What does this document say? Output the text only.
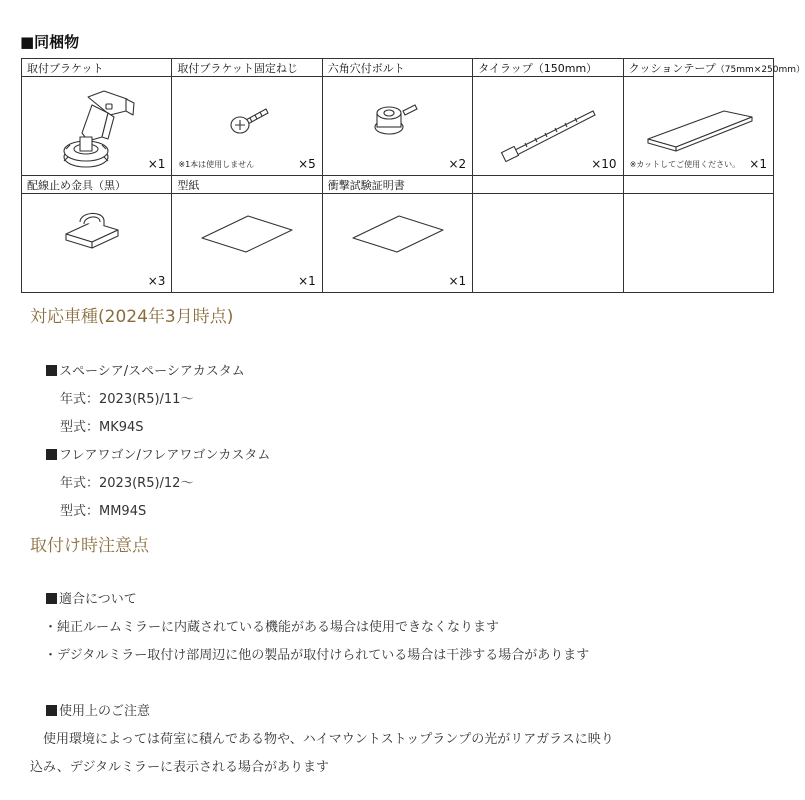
■同梱物
取付ブラケット	取付ブラケット固定ねじ	六角穴付ボルト	タイラップ（150mm）	クッションテープ（75mm×250mm）

×1	※1本は使用しません ×5	×2	×10	※カットしてご使用ください。 ×1

配線止め金具（黒）	型紙	衝撃試験証明書		

×3	×1	×1		

対応車種(2024年3月時点)
スペーシア/スペーシアカスタム
年式：2023(R5)/11～
型式：MK94S
フレアワゴン/フレアワゴンカスタム
年式：2023(R5)/12～
型式：MM94S
取付け時注意点
適合について
・純正ルームミラーに内蔵されている機能がある場合は使用できなくなります
・デジタルミラー取付け部周辺に他の製品が取付けられている場合は干渉する場合があります
使用上のご注意
　使用環境によっては荷室に積んである物や、ハイマウントストップランプの光がリアガラスに映り
込み、デジタルミラーに表示される場合があります
